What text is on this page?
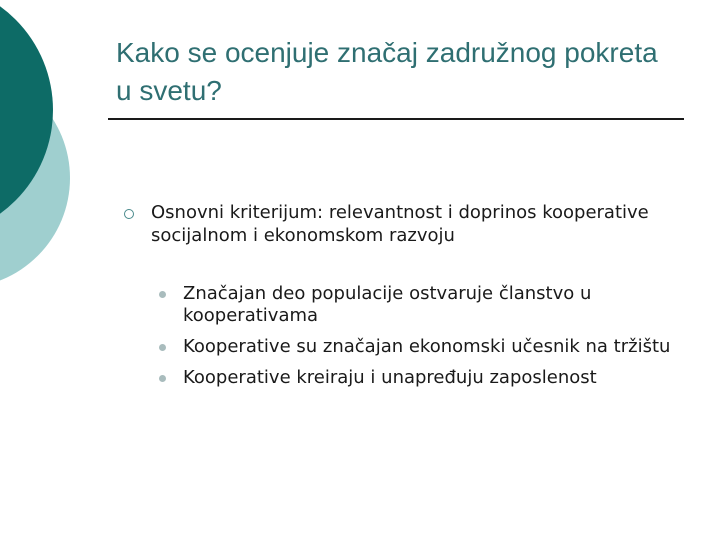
Kako se ocenjuje značaj zadružnog pokreta u svetu?
Osnovni kriterijum: relevantnost i doprinos kooperative socijalnom i ekonomskom razvoju
Značajan deo populacije ostvaruje članstvo u kooperativama
Kooperative su značajan ekonomski učesnik na tržištu
Kooperative kreiraju i unapređuju zaposlenost
